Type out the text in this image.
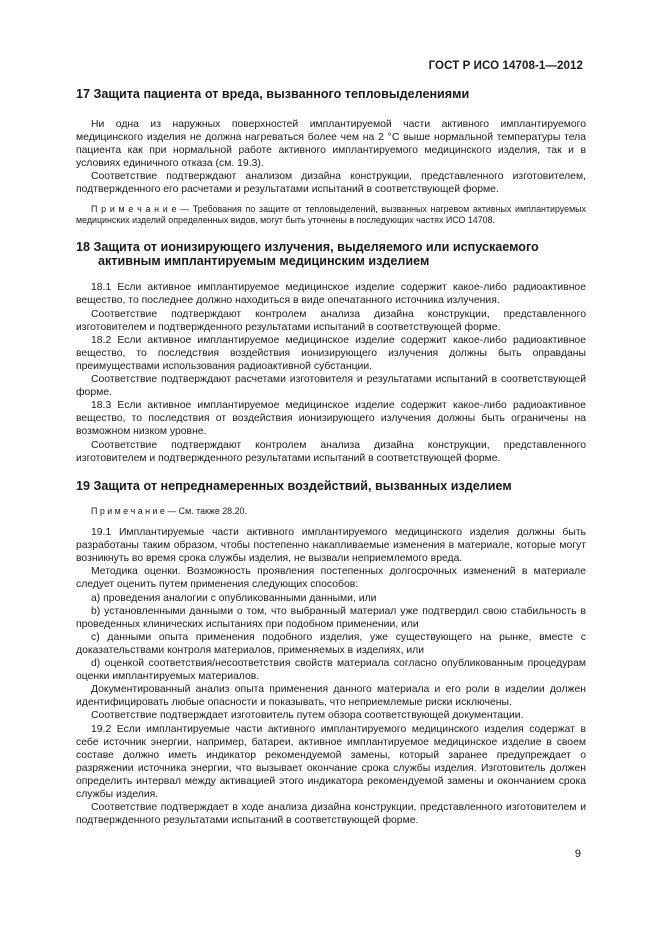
ГОСТ Р ИСО 14708-1—2012
17 Защита пациента от вреда, вызванного тепловыделениями

Ни одна из наружных поверхностей имплантируемой части активного имплантируемого медицинского изделия не должна нагреваться более чем на 2 °С выше нормальной температуры тела пациента как при нормальной работе активного имплантируемого медицинского изделия, так и в условиях единичного отказа (см. 19.3).

Соответствие подтверждают анализом дизайна конструкции, представленного изготовителем, подтвержденного его расчетами и результатами испытаний в соответствующей форме.

П р и м е ч а н и е — Требования по защите от тепловыделений, вызванных нагревом активных имплантируемых медицинских изделий определенных видов, могут быть уточнены в последующих частях ИСО 14708.

18 Защита от ионизирующего излучения, выделяемого или испускаемого
активным имплантируемым медицинским изделием

18.1 Если активное имплантируемое медицинское изделие содержит какое-либо радиоактивное вещество, то последнее должно находиться в виде опечатанного источника излучения.

Соответствие подтверждают контролем анализа дизайна конструкции, представленного изготовителем и подтвержденного результатами испытаний в соответствующей форме.

18.2 Если активное имплантируемое медицинское изделие содержит какое-либо радиоактивное вещество, то последствия воздействия ионизирующего излучения должны быть оправданы преимуществами использования радиоактивной субстанции.

Соответствие подтверждают расчетами изготовителя и результатами испытаний в соответствующей форме.

18.3 Если активное имплантируемое медицинское изделие содержит какое-либо радиоактивное вещество, то последствия от воздействия ионизирующего излучения должны быть ограничены на возможном низком уровне.

Соответствие подтверждают контролем анализа дизайна конструкции, представленного изготовителем и подтвержденного результатами испытаний в соответствующей форме.

19 Защита от непреднамеренных воздействий, вызванных изделием

П р и м е ч а н и е — См. также 28.20.

19.1 Имплантируемые части активного имплантируемого медицинского изделия должны быть разработаны таким образом, чтобы постепенно накапливаемые изменения в материале, которые могут возникнуть во время срока службы изделия, не вызвали неприемлемого вреда.

Методика оценки. Возможность проявления постепенных долгосрочных изменений в материале следует оценить путем применения следующих способов:

a) проведения аналогии с опубликованными данными, или

b) установленными данными о том, что выбранный материал уже подтвердил свою стабильность в проведенных клинических испытаниях при подобном применении, или

c) данными опыта применения подобного изделия, уже существующего на рынке, вместе с доказательствами контроля материалов, применяемых в изделиях, или

d) оценкой соответствия/несоответствия свойств материала согласно опубликованным процедурам оценки имплантируемых материалов.

Документированный анализ опыта применения данного материала и его роли в изделии должен идентифицировать любые опасности и показывать, что неприемлемые риски исключены.

Соответствие подтверждает изготовитель путем обзора соответствующей документации.

19.2 Если имплантируемые части активного имплантируемого медицинского изделия содержат в себе источник энергии, например, батареи, активное имплантируемое медицинское изделие в своем составе должно иметь индикатор рекомендуемой замены, который заранее предупреждает о разряжении источника энергии, что вызывает окончание срока службы изделия. Изготовитель должен определить интервал между активацией этого индикатора рекомендуемой замены и окончанием срока службы изделия.

Соответствие подтверждает в ходе анализа дизайна конструкции, представленного изготовителем и подтвержденного результатами испытаний в соответствующей форме.

9
